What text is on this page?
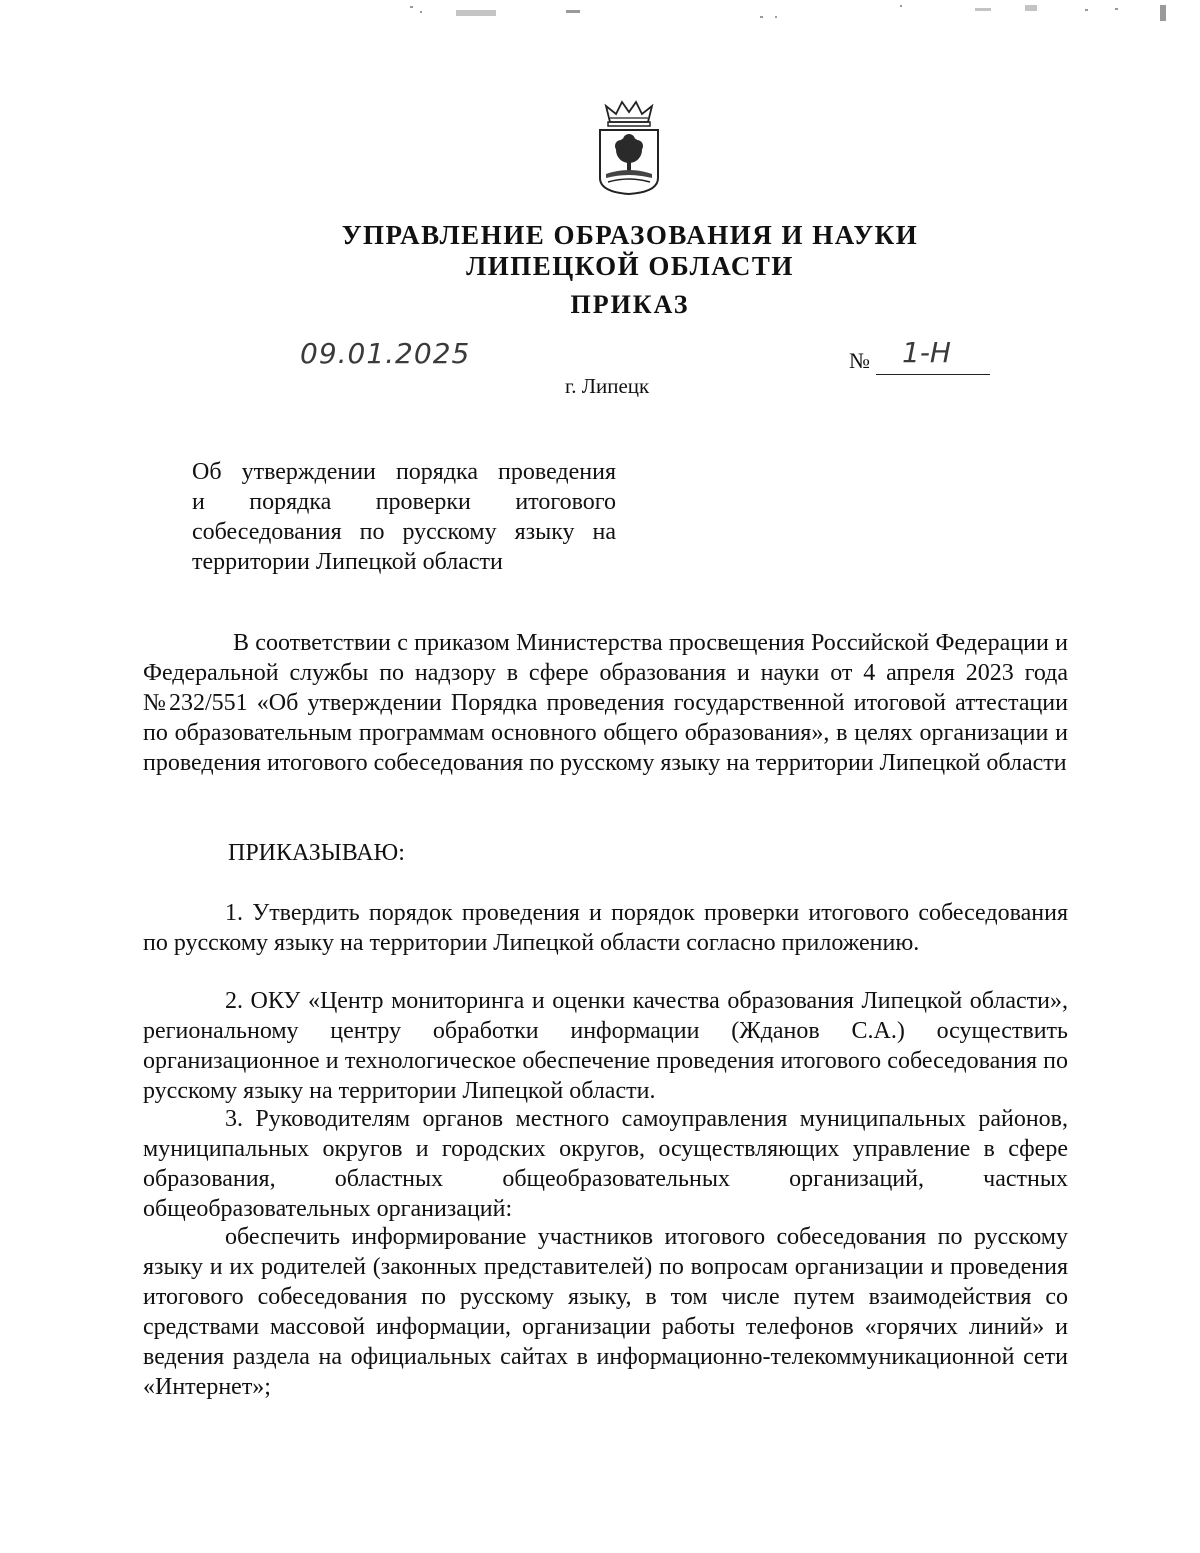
УПРАВЛЕНИЕ ОБРАЗОВАНИЯ И НАУКИ
ЛИПЕЦКОЙ ОБЛАСТИ
ПРИКАЗ
09.01.2025
г. Липецк
№ 1-Н
Об утверждении порядка проведения
и порядка проверки итогового
собеседования по русскому языку на
территории Липецкой области

В соответствии с приказом Министерства просвещения Российской Федерации и Федеральной службы по надзору в сфере образования и науки от 4 апреля 2023 года №232/551 «Об утверждении Порядка проведения государственной итоговой аттестации по образовательным программам основного общего образования», в целях организации и проведения итогового собеседования по русскому языку на территории Липецкой области

ПРИКАЗЫВАЮ:

1. Утвердить порядок проведения и порядок проверки итогового собеседования по русскому языку на территории Липецкой области согласно приложению.

2. ОКУ «Центр мониторинга и оценки качества образования Липецкой области», региональному центру обработки информации (Жданов С.А.) осуществить организационное и технологическое обеспечение проведения итогового собеседования по русскому языку на территории Липецкой области.

3. Руководителям органов местного самоуправления муниципальных районов, муниципальных округов и городских округов, осуществляющих управление в сфере образования, областных общеобразовательных организаций, частных общеобразовательных организаций:

обеспечить информирование участников итогового собеседования по русскому языку и их родителей (законных представителей) по вопросам организации и проведения итогового собеседования по русскому языку, в том числе путем взаимодействия со средствами массовой информации, организации работы телефонов «горячих линий» и ведения раздела на официальных сайтах в информационно-телекоммуникационной сети «Интернет»;
